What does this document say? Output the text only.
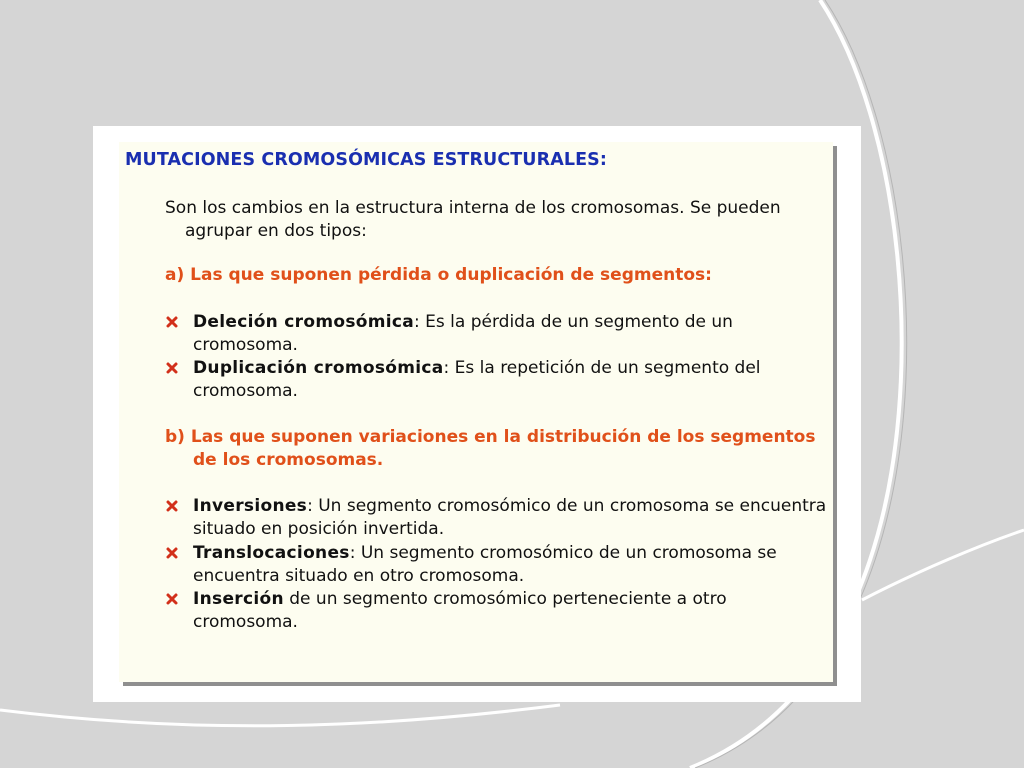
MUTACIONES CROMOSÓMICAS ESTRUCTURALES:

Son los cambios en la estructura interna de los cromosomas. Se pueden agrupar en dos tipos:

a) Las que suponen pérdida o duplicación de segmentos:

Deleción cromosómica: Es la pérdida de un segmento de un cromosoma.
Duplicación cromosómica: Es la repetición de un segmento del cromosoma.

b) Las que suponen variaciones en la distribución de los segmentos de los cromosomas.

Inversiones: Un segmento cromosómico de un cromosoma se encuentra situado en posición invertida.
Translocaciones: Un segmento cromosómico de un cromosoma se encuentra situado en otro cromosoma.
Inserción de un segmento cromosómico perteneciente a otro cromosoma.
